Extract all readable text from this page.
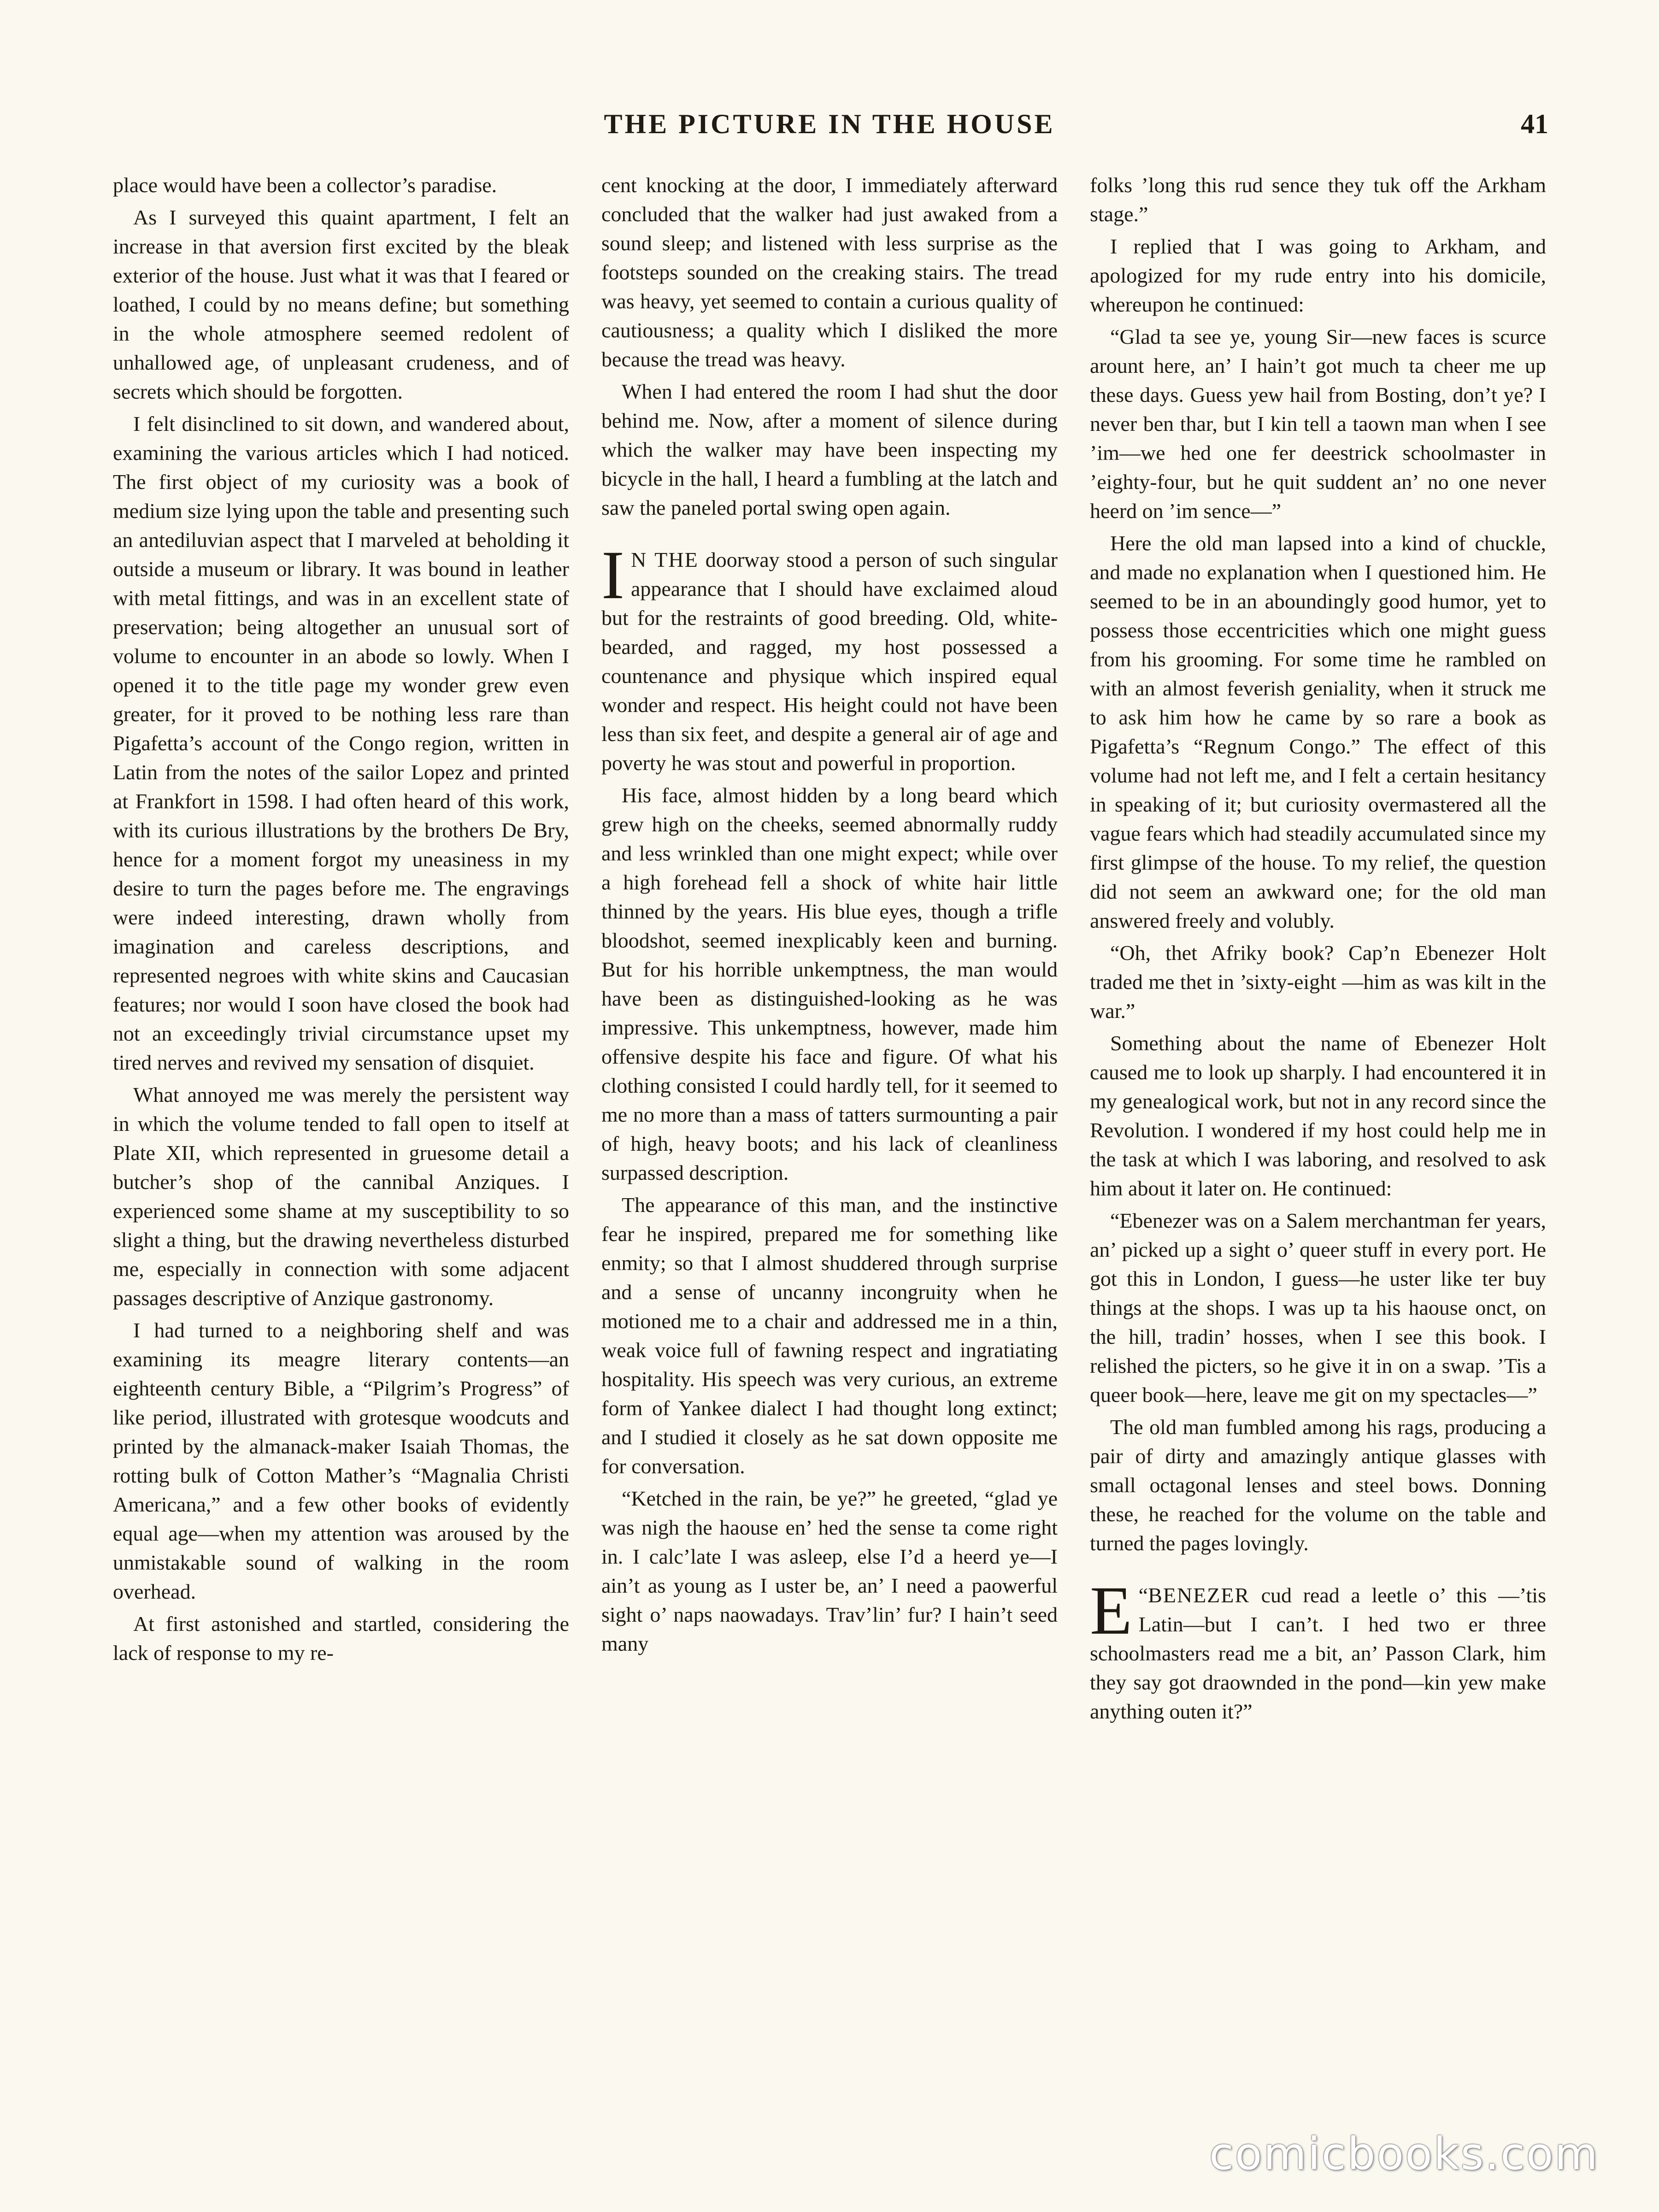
THE PICTURE IN THE HOUSE	41

place would have been a collector’s paradise.

As I surveyed this quaint apartment, I felt an increase in that aversion first excited by the bleak exterior of the house. Just what it was that I feared or loathed, I could by no means define; but something in the whole atmosphere seemed redolent of unhallowed age, of unpleasant crudeness, and of secrets which should be forgotten.

I felt disinclined to sit down, and wandered about, examining the various articles which I had noticed. The first object of my curiosity was a book of medium size lying upon the table and presenting such an antediluvian aspect that I marveled at beholding it outside a museum or library. It was bound in leather with metal fittings, and was in an excellent state of preservation; being altogether an unusual sort of volume to encounter in an abode so lowly. When I opened it to the title page my wonder grew even greater, for it proved to be nothing less rare than Pigafetta’s account of the Congo region, written in Latin from the notes of the sailor Lopez and printed at Frankfort in 1598. I had often heard of this work, with its curious illustrations by the brothers De Bry, hence for a moment forgot my uneasiness in my desire to turn the pages before me. The engravings were indeed interesting, drawn wholly from imagination and careless descriptions, and represented negroes with white skins and Caucasian features; nor would I soon have closed the book had not an exceedingly trivial circumstance upset my tired nerves and revived my sensation of disquiet.

What annoyed me was merely the persistent way in which the volume tended to fall open to itself at Plate XII, which represented in gruesome detail a butcher’s shop of the cannibal Anziques. I experienced some shame at my susceptibility to so slight a thing, but the drawing nevertheless disturbed me, especially in connection with some adjacent passages descriptive of Anzique gastronomy.

I had turned to a neighboring shelf and was examining its meagre literary contents—an eighteenth century Bible, a “Pilgrim’s Progress” of like period, illustrated with grotesque woodcuts and printed by the almanack-maker Isaiah Thomas, the rotting bulk of Cotton Mather’s “Magnalia Christi Americana,” and a few other books of evidently equal age—when my attention was aroused by the unmistakable sound of walking in the room overhead.

At first astonished and startled, considering the lack of response to my re-

cent knocking at the door, I immediately afterward concluded that the walker had just awaked from a sound sleep; and listened with less surprise as the footsteps sounded on the creaking stairs. The tread was heavy, yet seemed to contain a curious quality of cautiousness; a quality which I disliked the more because the tread was heavy.

When I had entered the room I had shut the door behind me. Now, after a moment of silence during which the walker may have been inspecting my bicycle in the hall, I heard a fumbling at the latch and saw the paneled portal swing open again.

I N THE doorway stood a person of such singular appearance that I should have exclaimed aloud but for the restraints of good breeding. Old, white-bearded, and ragged, my host possessed a countenance and physique which inspired equal wonder and respect. His height could not have been less than six feet, and despite a general air of age and poverty he was stout and powerful in proportion.

His face, almost hidden by a long beard which grew high on the cheeks, seemed abnormally ruddy and less wrinkled than one might expect; while over a high forehead fell a shock of white hair little thinned by the years. His blue eyes, though a trifle bloodshot, seemed inexplicably keen and burning. But for his horrible unkemptness, the man would have been as distinguished-looking as he was impressive. This unkemptness, however, made him offensive despite his face and figure. Of what his clothing consisted I could hardly tell, for it seemed to me no more than a mass of tatters surmounting a pair of high, heavy boots; and his lack of cleanliness surpassed description.

The appearance of this man, and the instinctive fear he inspired, prepared me for something like enmity; so that I almost shuddered through surprise and a sense of uncanny incongruity when he motioned me to a chair and addressed me in a thin, weak voice full of fawning respect and ingratiating hospitality. His speech was very curious, an extreme form of Yankee dialect I had thought long extinct; and I studied it closely as he sat down opposite me for conversation.

“Ketched in the rain, be ye?” he greeted, “glad ye was nigh the haouse en’ hed the sense ta come right in. I calc’late I was asleep, else I’d a heerd ye—I ain’t as young as I uster be, an’ I need a paowerful sight o’ naps naowadays. Trav’lin’ fur? I hain’t seed many

folks ’long this rud sence they tuk off the Arkham stage.”

I replied that I was going to Arkham, and apologized for my rude entry into his domicile, whereupon he continued:

“Glad ta see ye, young Sir—new faces is scurce arount here, an’ I hain’t got much ta cheer me up these days. Guess yew hail from Bosting, don’t ye? I never ben thar, but I kin tell a taown man when I see ’im—we hed one fer deestrick schoolmaster in ’eighty-four, but he quit suddent an’ no one never heerd on ’im sence—”

Here the old man lapsed into a kind of chuckle, and made no explanation when I questioned him. He seemed to be in an aboundingly good humor, yet to possess those eccentricities which one might guess from his grooming. For some time he rambled on with an almost feverish geniality, when it struck me to ask him how he came by so rare a book as Pigafetta’s “Regnum Congo.” The effect of this volume had not left me, and I felt a certain hesitancy in speaking of it; but curiosity overmastered all the vague fears which had steadily accumulated since my first glimpse of the house. To my relief, the question did not seem an awkward one; for the old man answered freely and volubly.

“Oh, thet Afriky book? Cap’n Ebenezer Holt traded me thet in ’sixty-eight —him as was kilt in the war.”

Something about the name of Ebenezer Holt caused me to look up sharply. I had encountered it in my genealogical work, but not in any record since the Revolution. I wondered if my host could help me in the task at which I was laboring, and resolved to ask him about it later on. He continued:

“Ebenezer was on a Salem merchantman fer years, an’ picked up a sight o’ queer stuff in every port. He got this in London, I guess—he uster like ter buy things at the shops. I was up ta his haouse onct, on the hill, tradin’ hosses, when I see this book. I relished the picters, so he give it in on a swap. ’Tis a queer book—here, leave me git on my spectacles—”

The old man fumbled among his rags, producing a pair of dirty and amazingly antique glasses with small octagonal lenses and steel bows. Donning these, he reached for the volume on the table and turned the pages lovingly.

“
E BENEZER cud read a leetle o’ this —’tis Latin—but I can’t. I hed two er three schoolmasters read me a bit, an’ Passon Clark, him they say got draownded in the pond—kin yew make anything outen it?”

comicbooks.com
